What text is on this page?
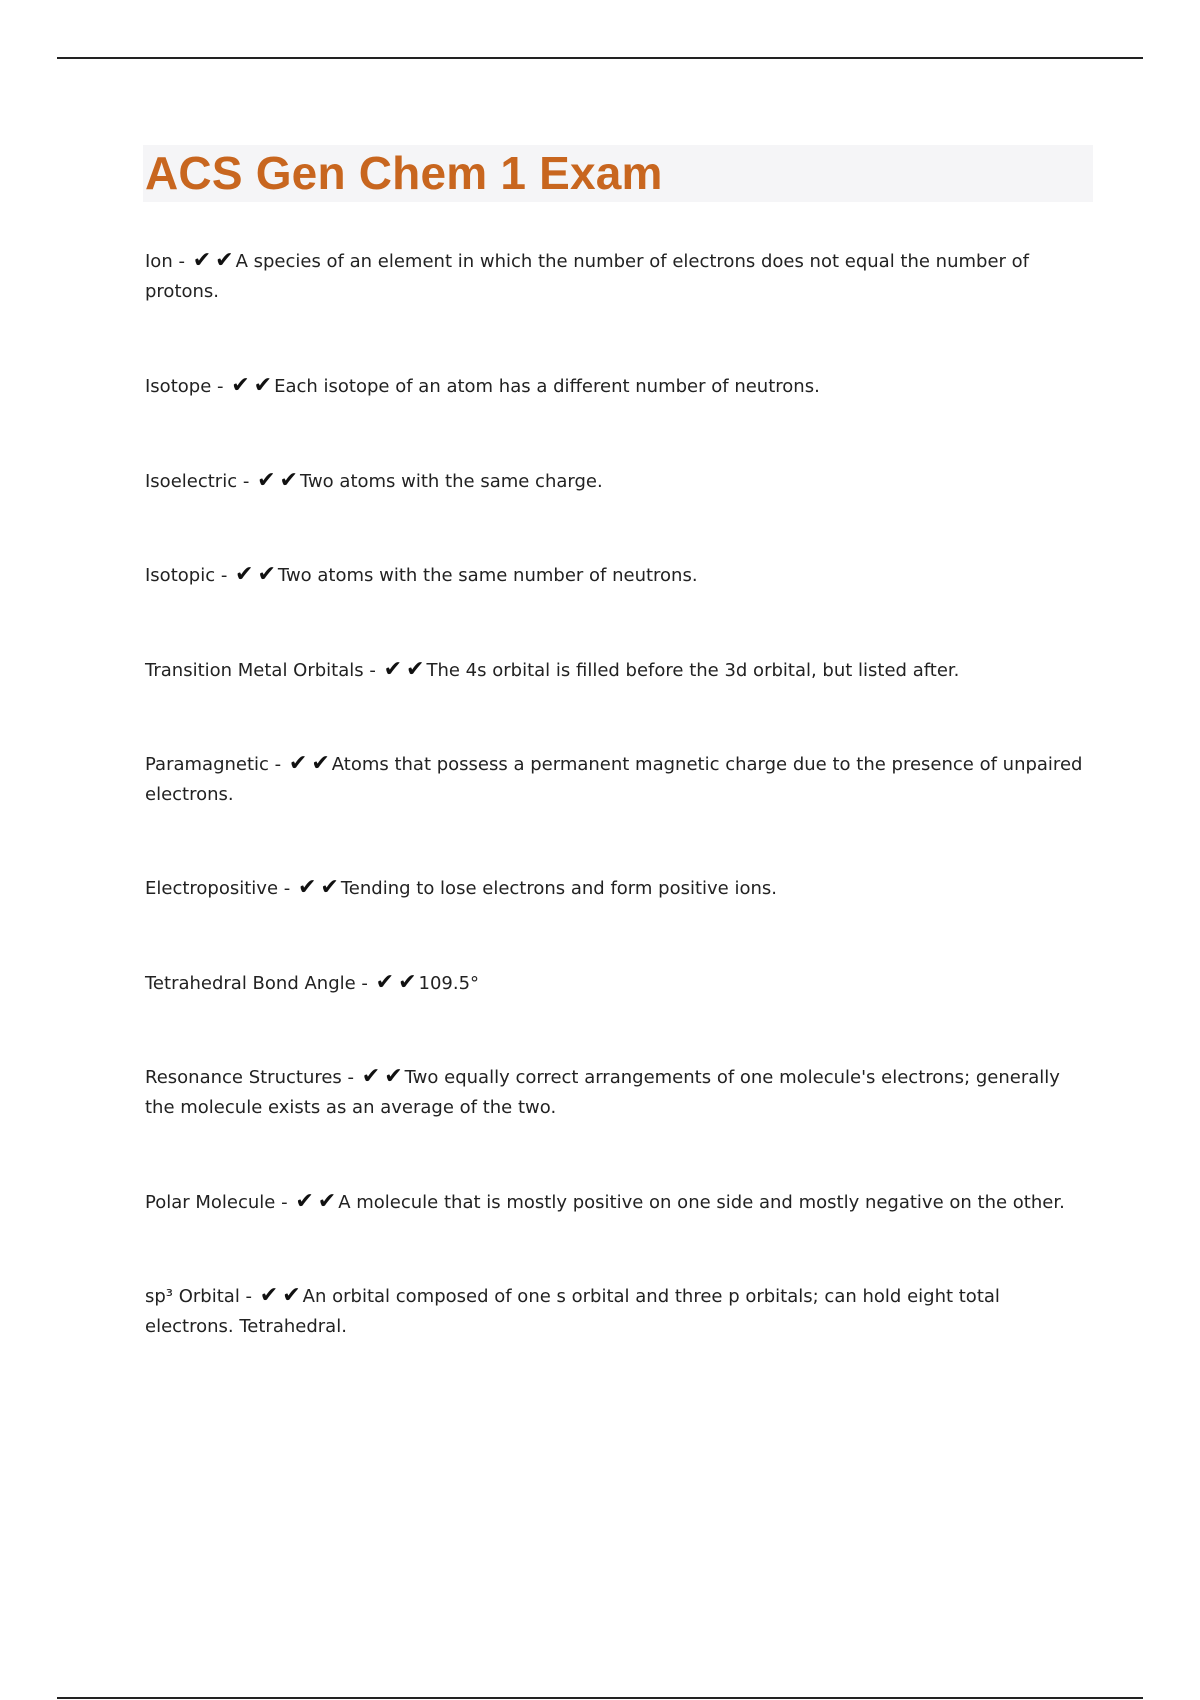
ACS Gen Chem 1 Exam

Ion - ✔ ✔ A species of an element in which the number of electrons does not equal the number of protons.

Isotope - ✔ ✔ Each isotope of an atom has a different number of neutrons.

Isoelectric - ✔ ✔ Two atoms with the same charge.

Isotopic - ✔ ✔ Two atoms with the same number of neutrons.

Transition Metal Orbitals - ✔ ✔ The 4s orbital is filled before the 3d orbital, but listed after.

Paramagnetic - ✔ ✔ Atoms that possess a permanent magnetic charge due to the presence of unpaired electrons.

Electropositive - ✔ ✔ Tending to lose electrons and form positive ions.

Tetrahedral Bond Angle - ✔ ✔ 109.5°

Resonance Structures - ✔ ✔ Two equally correct arrangements of one molecule's electrons; generally the molecule exists as an average of the two.

Polar Molecule - ✔ ✔ A molecule that is mostly positive on one side and mostly negative on the other.

sp³ Orbital - ✔ ✔ An orbital composed of one s orbital and three p orbitals; can hold eight total electrons. Tetrahedral.
